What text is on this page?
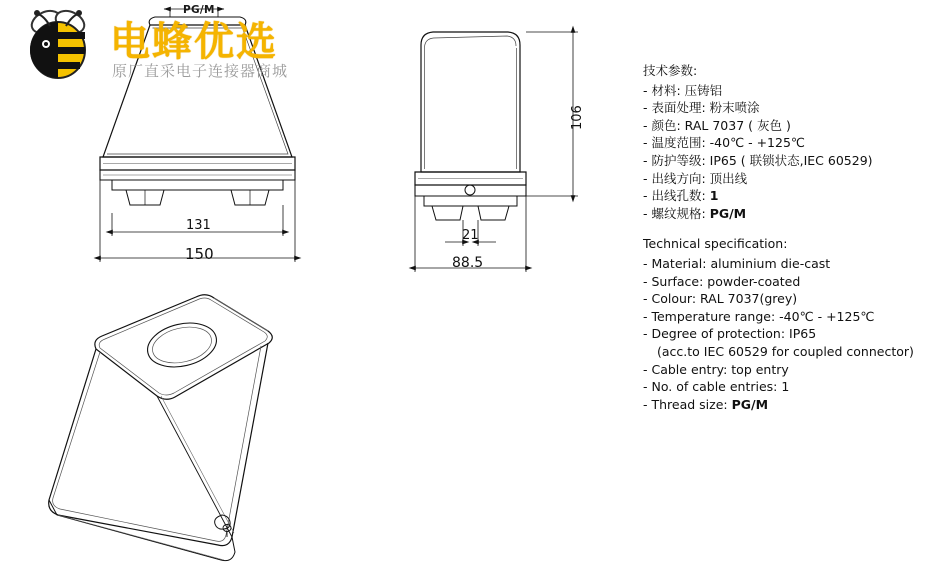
PG/M
131
150
106
21
88.5
电蜂优选
原厂直采电子连接器商城	技术参数:
- 材料: 压铸铝
- 表面处理: 粉末喷涂
- 颜色: RAL 7037 ( 灰色 )
- 温度范围: -40℃ - +125℃
- 防护等级: IP65 ( 联锁状态,IEC 60529)
- 出线方向: 顶出线
- 出线孔数: 1
- 螺纹规格: PG/M
Technical specification:
- Material: aluminium die-cast
- Surface: powder-coated
- Colour: RAL 7037(grey)
- Temperature range: -40℃ - +125℃
- Degree of protection: IP65
(acc.to IEC 60529 for coupled connector)
- Cable entry: top entry
- No. of cable entries: 1
- Thread size: PG/M
